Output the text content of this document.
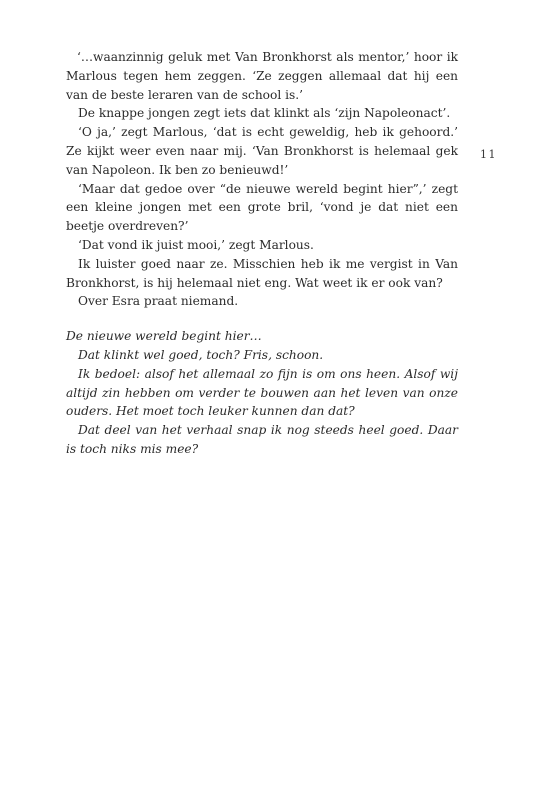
11

‘…waanzinnig geluk met Van Bronkhorst als mentor,’ hoor ik Marlous tegen hem zeggen. ‘Ze zeggen allemaal dat hij een van de beste leraren van de school is.’

De knappe jongen zegt iets dat klinkt als ‘zijn Napoleonact’.

‘O ja,’ zegt Marlous, ‘dat is echt geweldig, heb ik gehoord.’ Ze kijkt weer even naar mij. ‘Van Bronkhorst is helemaal gek van Napoleon. Ik ben zo benieuwd!’

‘Maar dat gedoe over “de nieuwe wereld begint hier”,’ zegt een kleine jongen met een grote bril, ‘vond je dat niet een beetje overdreven?’

‘Dat vond ik juist mooi,’ zegt Marlous.

Ik luister goed naar ze. Misschien heb ik me vergist in Van Bronkhorst, is hij helemaal niet eng. Wat weet ik er ook van?

Over Esra praat niemand.

De nieuwe wereld begint hier…

Dat klinkt wel goed, toch? Fris, schoon.

Ik bedoel: alsof het allemaal zo fijn is om ons heen. Alsof wij altijd zin hebben om verder te bouwen aan het leven van onze ouders. Het moet toch leuker kunnen dan dat?

Dat deel van het verhaal snap ik nog steeds heel goed. Daar is toch niks mis mee?
